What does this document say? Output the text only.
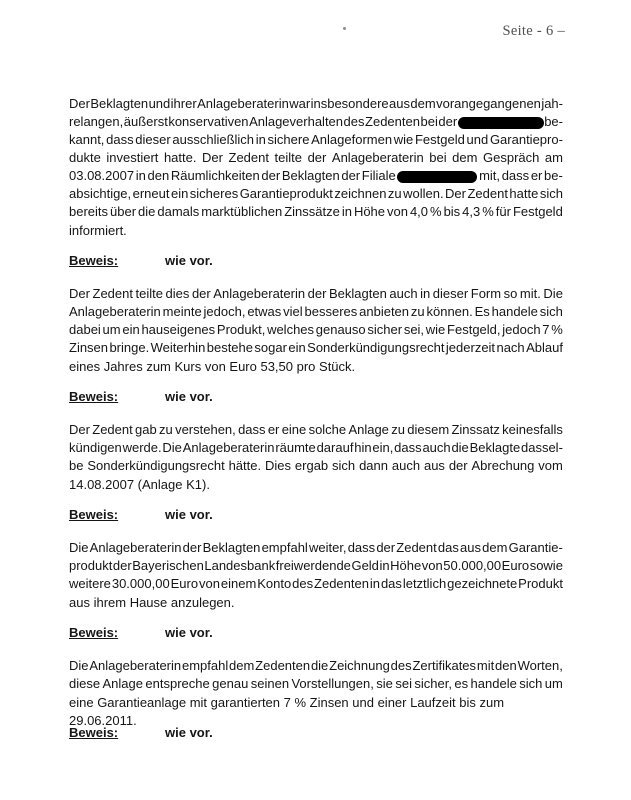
Seite - 6 –
Der Beklagten und ihrer Anlageberaterin war insbesondere aus dem vorangegangenen jah-
relangen, äußerst konservativen Anlageverhalten des Zedenten bei der	be-
kannt, dass dieser ausschließlich in sichere Anlageformen wie Festgeld und Garantiepro-
dukte investiert hatte. Der Zedent teilte der Anlageberaterin bei dem Gespräch am
03.08.2007 in den Räumlichkeiten der Beklagten der Filiale	mit, dass er be-
absichtige, erneut ein sicheres Garantieprodukt zeichnen zu wollen. Der Zedent hatte sich
bereits über die damals marktüblichen Zinssätze in Höhe von 4,0 % bis 4,3 % für Festgeld
informiert.
Beweis:	wie vor.
Der Zedent teilte dies der Anlageberaterin der Beklagten auch in dieser Form so mit. Die
Anlageberaterin meinte jedoch, etwas viel besseres anbieten zu können. Es handele sich
dabei um ein hauseigenes Produkt, welches genauso sicher sei, wie Festgeld, jedoch 7 %
Zinsen bringe. Weiterhin bestehe sogar ein Sonderkündigungsrecht jederzeit nach Ablauf
eines Jahres zum Kurs von Euro 53,50 pro Stück.
Beweis:	wie vor.
Der Zedent gab zu verstehen, dass er eine solche Anlage zu diesem Zinssatz keinesfalls
kündigen werde. Die Anlageberaterin räumte darauf hin ein, dass auch die Beklagte dassel-
be Sonderkündigungsrecht hätte. Dies ergab sich dann auch aus der Abrechung vom
14.08.2007 (Anlage K1).
Beweis:	wie vor.
Die Anlageberaterin der Beklagten empfahl weiter, dass der Zedent das aus dem Garantie-
produkt der Bayerischen Landesbank freiwerdende Geld in Höhe von 50.000,00 Euro sowie
weitere 30.000,00 Euro von einem Konto des Zedenten in das letztlich gezeichnete Produkt
aus ihrem Hause anzulegen.
Beweis:	wie vor.
Die Anlageberaterin empfahl dem Zedenten die Zeichnung des Zertifikates mit den Worten,
diese Anlage entspreche genau seinen Vorstellungen, sie sei sicher, es handele sich um
eine Garantieanlage mit garantierten 7 % Zinsen und einer Laufzeit bis zum 29.06.2011.
Beweis:	wie vor.
